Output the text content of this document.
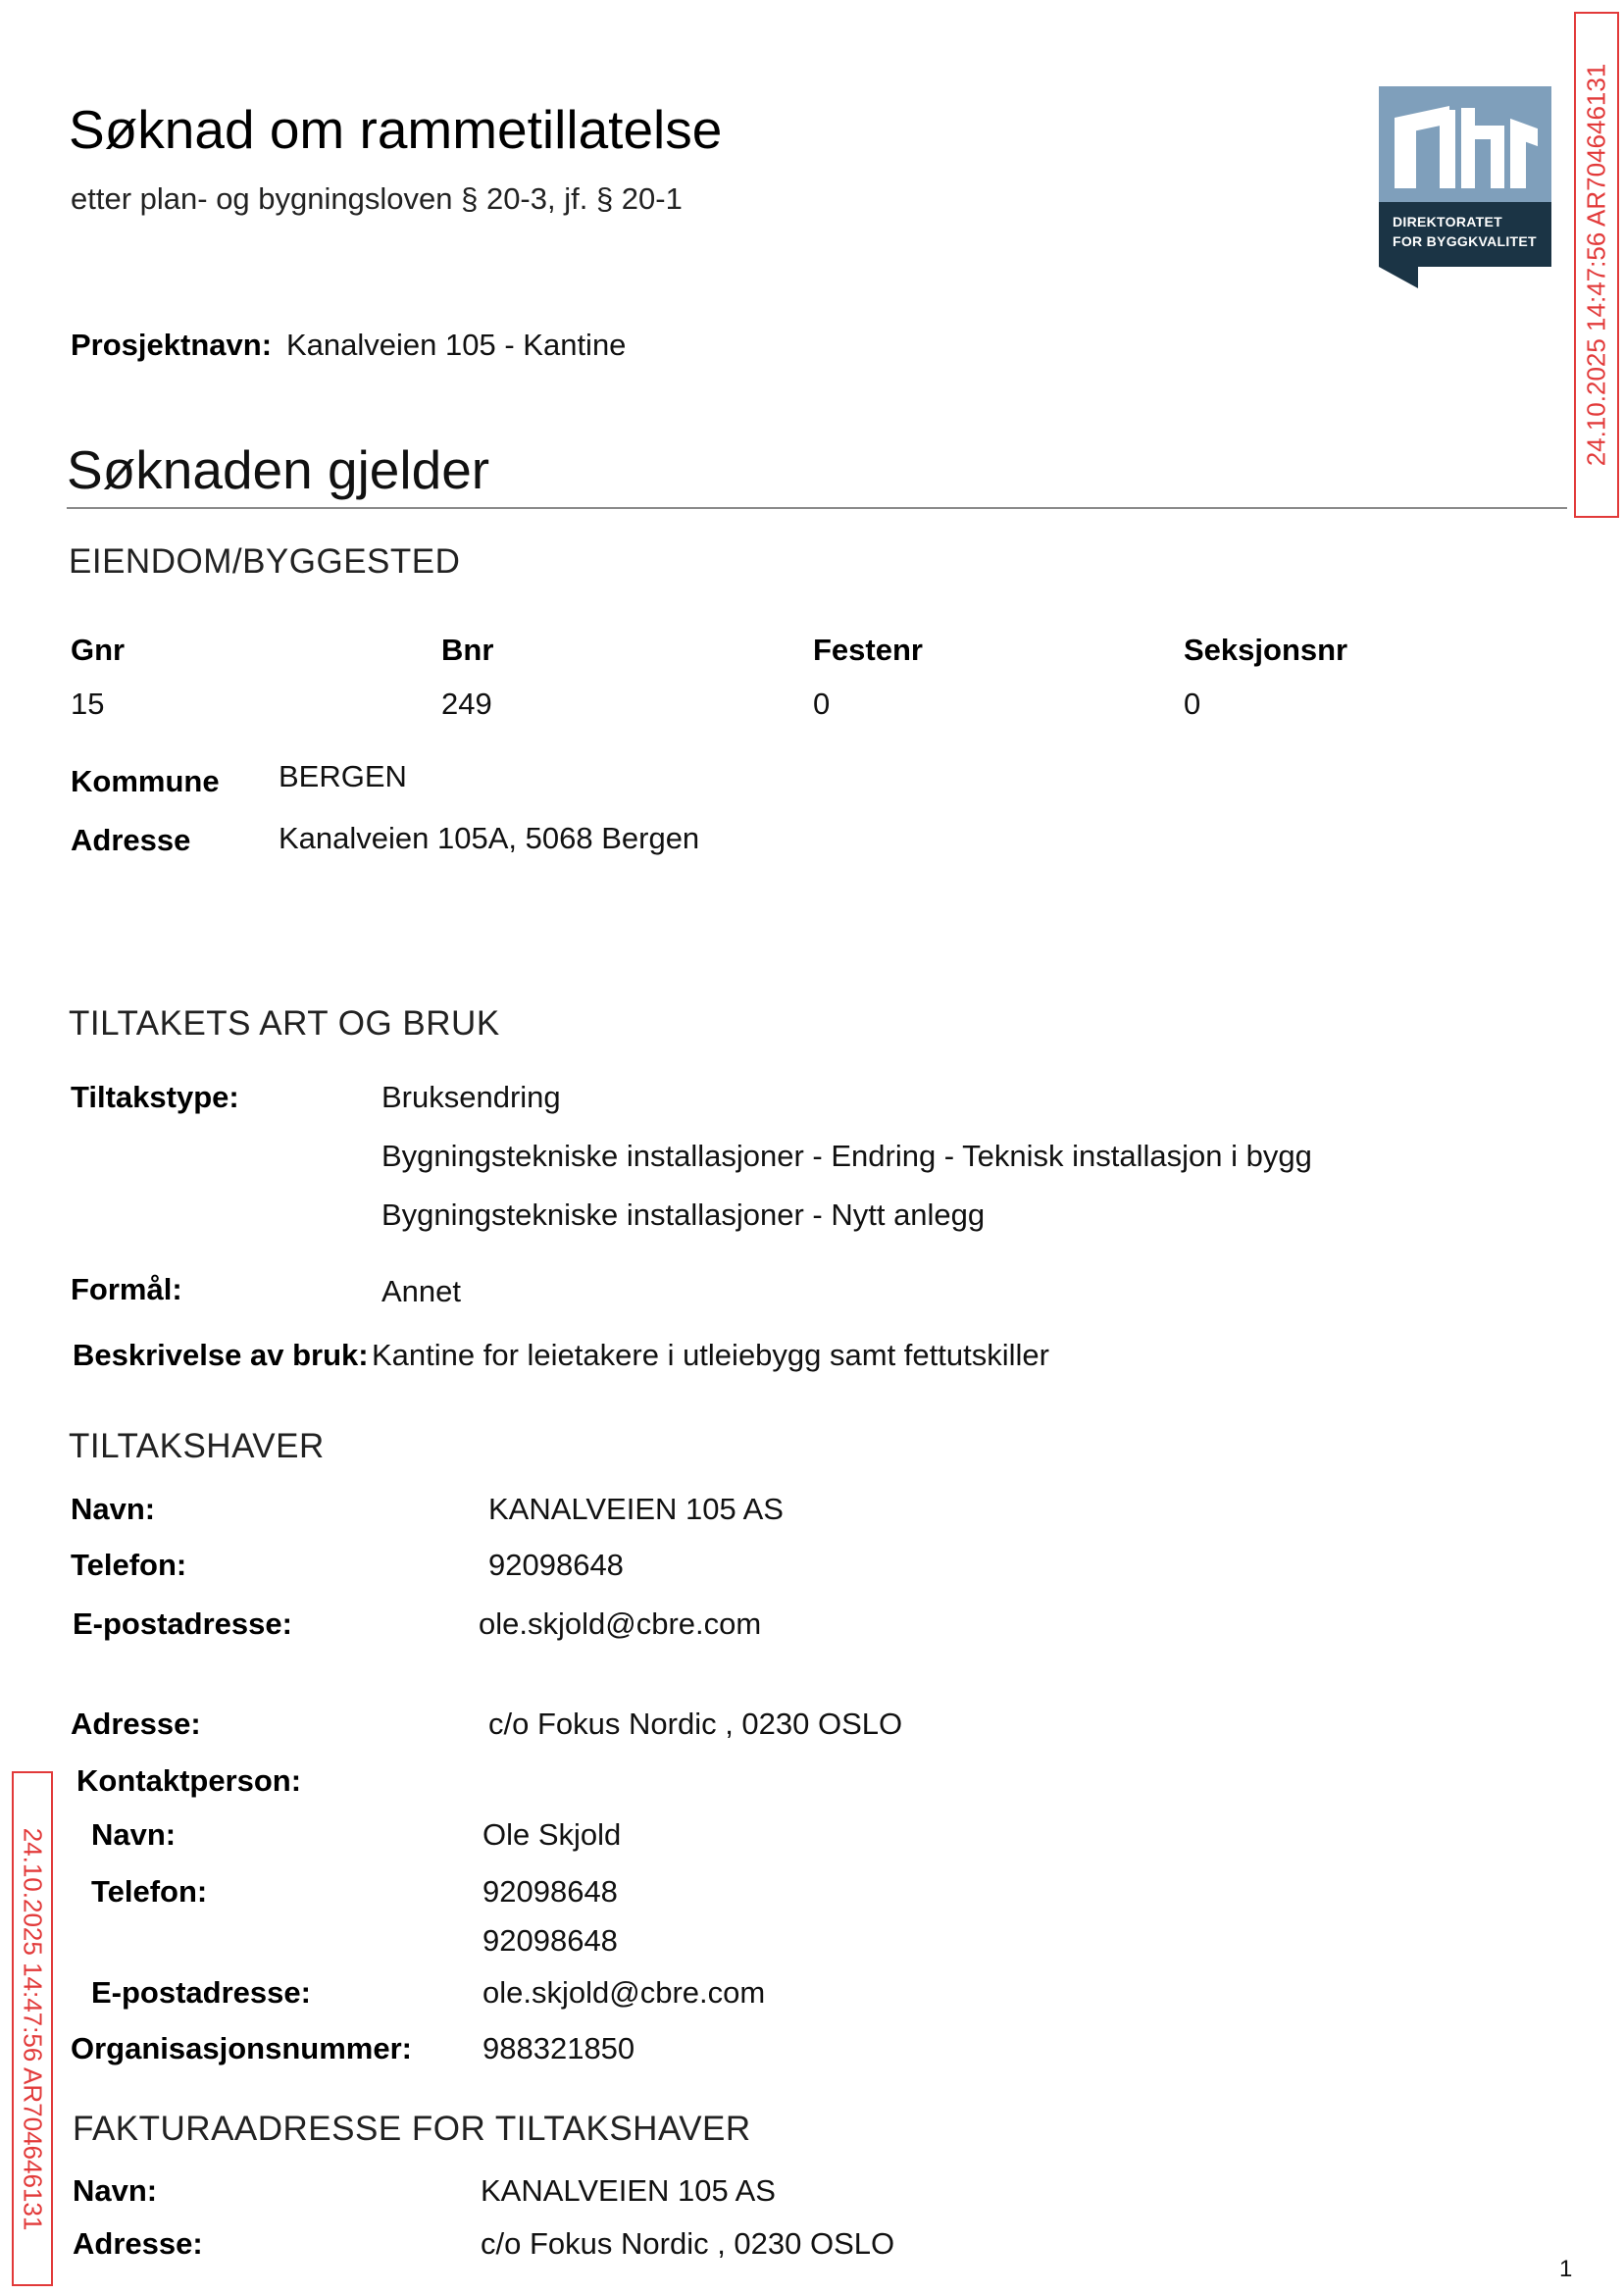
Søknad om rammetillatelse
etter plan- og bygningsloven § 20-3, jf. § 20-1
DIREKTORATET
FOR BYGGKVALITET 24.10.2025 14:47:56 AR704646131
Prosjektnavn: Kanalveien 105 - Kantine
Søknaden gjelder
EIENDOM/BYGGESTED
Gnr	Bnr	Festenr	Seksjonsnr
15	249	0	0
Kommune BERGEN
Adresse	Kanalveien 105A, 5068 Bergen
TILTAKETS ART OG BRUK
Tiltakstype:	Bruksendring
Bygningstekniske installasjoner - Endring - Teknisk installasjon i bygg
Bygningstekniske installasjoner - Nytt anlegg
Formål:	Annet
Beskrivelse av bruk: Kantine for leietakere i utleiebygg samt fettutskiller
TILTAKSHAVER
Navn:	KANALVEIEN 105 AS
Telefon:	92098648
E-postadresse:	ole.skjold@cbre.com
Adresse:	c/o Fokus Nordic , 0230 OSLO
Kontaktperson:
Navn:	Ole Skjold
Telefon:	92098648
92098648
E-postadresse:	ole.skjold@cbre.com
Organisasjonsnummer: 988321850
FAKTURAADRESSE FOR TILTAKSHAVER
Navn:	KANALVEIEN 105 AS
Adresse:	c/o Fokus Nordic , 0230 OSLO
24.10.2025 14:47:56 AR704646131
1
